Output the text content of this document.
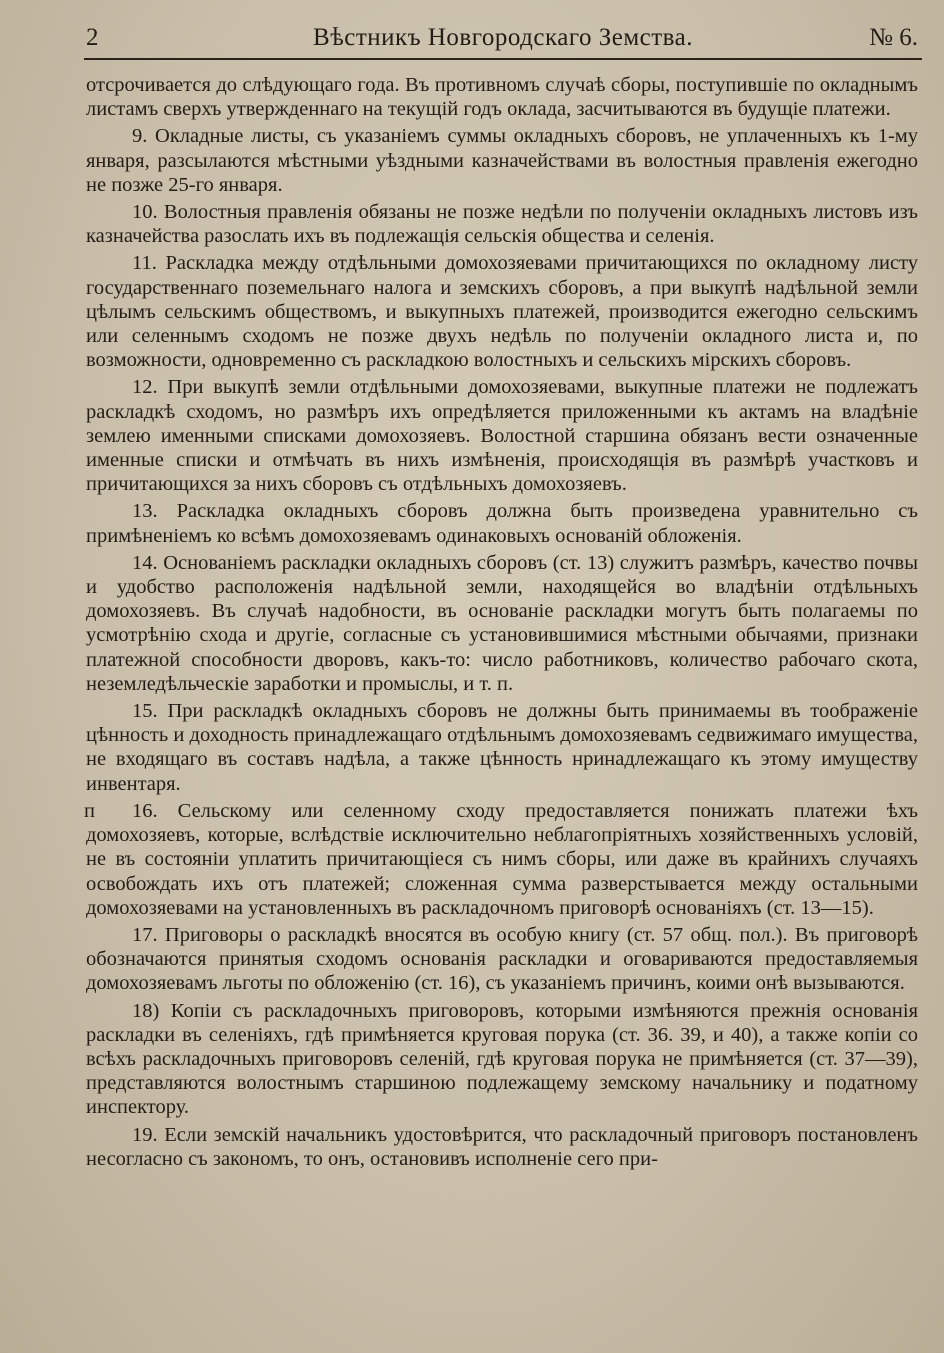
2	Вѣстникъ Новгородскаго Земства.	№ 6.

отсрочивается до слѣдующаго года. Въ противномъ случаѣ сборы, поступившіе по окладнымъ листамъ сверхъ утвержденнаго на текущій годъ оклада, засчитываются въ будущіе платежи.

9. Окладные листы, съ указаніемъ суммы окладныхъ сборовъ, не уплаченныхъ къ 1-му января, разсылаются мѣстными уѣздными казначействами въ волостныя правленія ежегодно не позже 25-го января.

10. Волостныя правленія обязаны не позже недѣли по полученіи окладныхъ листовъ изъ казначейства разослать ихъ въ подлежащія сельскія общества и селенія.

11. Раскладка между отдѣльными домохозяевами причитающихся по окладному листу государственнаго поземельнаго налога и земскихъ сборовъ, а при выкупѣ надѣльной земли цѣлымъ сельскимъ обществомъ, и выкупныхъ платежей, производится ежегодно сельскимъ или селеннымъ сходомъ не позже двухъ недѣль по полученіи окладного листа и, по возможности, одновременно съ раскладкою волостныхъ и сельскихъ мірскихъ сборовъ.

12. При выкупѣ земли отдѣльными домохозяевами, выкупные платежи не подлежатъ раскладкѣ сходомъ, но размѣръ ихъ опредѣляется приложенными къ актамъ на владѣніе землею именными списками домохозяевъ. Волостной старшина обязанъ вести означенные именные списки и отмѣчать въ нихъ измѣненія, происходящія въ размѣрѣ участковъ и причитающихся за нихъ сборовъ съ отдѣльныхъ домохозяевъ.

13. Раскладка окладныхъ сборовъ должна быть произведена уравнительно съ примѣненіемъ ко всѣмъ домохозяевамъ одинаковыхъ основаній обложенія.

14. Основаніемъ раскладки окладныхъ сборовъ (ст. 13) служитъ размѣръ, качество почвы и удобство расположенія надѣльной земли, находящейся во владѣніи отдѣльныхъ домохозяевъ. Въ случаѣ надобности, въ основаніе раскладки могутъ быть полагаемы по усмотрѣнію схода и другіе, согласные съ установившимися мѣстными обычаями, признаки платежной способности дворовъ, какъ-то: число работниковъ, количество рабочаго скота, неземледѣльческіе заработки и промыслы, и т. п.

15. При раскладкѣ окладныхъ сборовъ не должны быть принимаемы въ тоображеніе цѣнность и доходность принадлежащаго отдѣльнымъ домохозяевамъ седвижимаго имущества, не входящаго въ составъ надѣла, а также цѣнность нринадлежащаго къ этому имуществу инвентаря.

п	16. Сельскому или селенному сходу предоставляется понижать платежи ѣхъ домохозяевъ, которые, вслѣдствіе исключительно неблагопріятныхъ хозяйственныхъ условій, не въ состояніи уплатить причитающіеся съ нимъ сборы, или даже въ крайнихъ случаяхъ освобождать ихъ отъ платежей; сложенная сумма разверстывается между остальными домохозяевами на установленныхъ въ раскладочномъ приговорѣ основаніяхъ (ст. 13—15).

17. Приговоры о раскладкѣ вносятся въ особую книгу (ст. 57 общ. пол.). Въ приговорѣ обозначаются принятыя сходомъ основанія раскладки и оговариваются предоставляемыя домохозяевамъ льготы по обложенію (ст. 16), съ указаніемъ причинъ, коими онѣ вызываются.

18) Копіи съ раскладочныхъ приговоровъ, которыми измѣняются прежнія основанія раскладки въ селеніяхъ, гдѣ примѣняется круговая порука (ст. 36. 39, и 40), а также копіи со всѣхъ раскладочныхъ приговоровъ селеній, гдѣ круговая порука не примѣняется (ст. 37—39), представляются волостнымъ старшиною подлежащему земскому начальнику и податному инспектору.

19. Если земскій начальникъ удостовѣрится, что раскладочный приговоръ постановленъ несогласно съ закономъ, то онъ, остановивъ исполненіе сего при-
